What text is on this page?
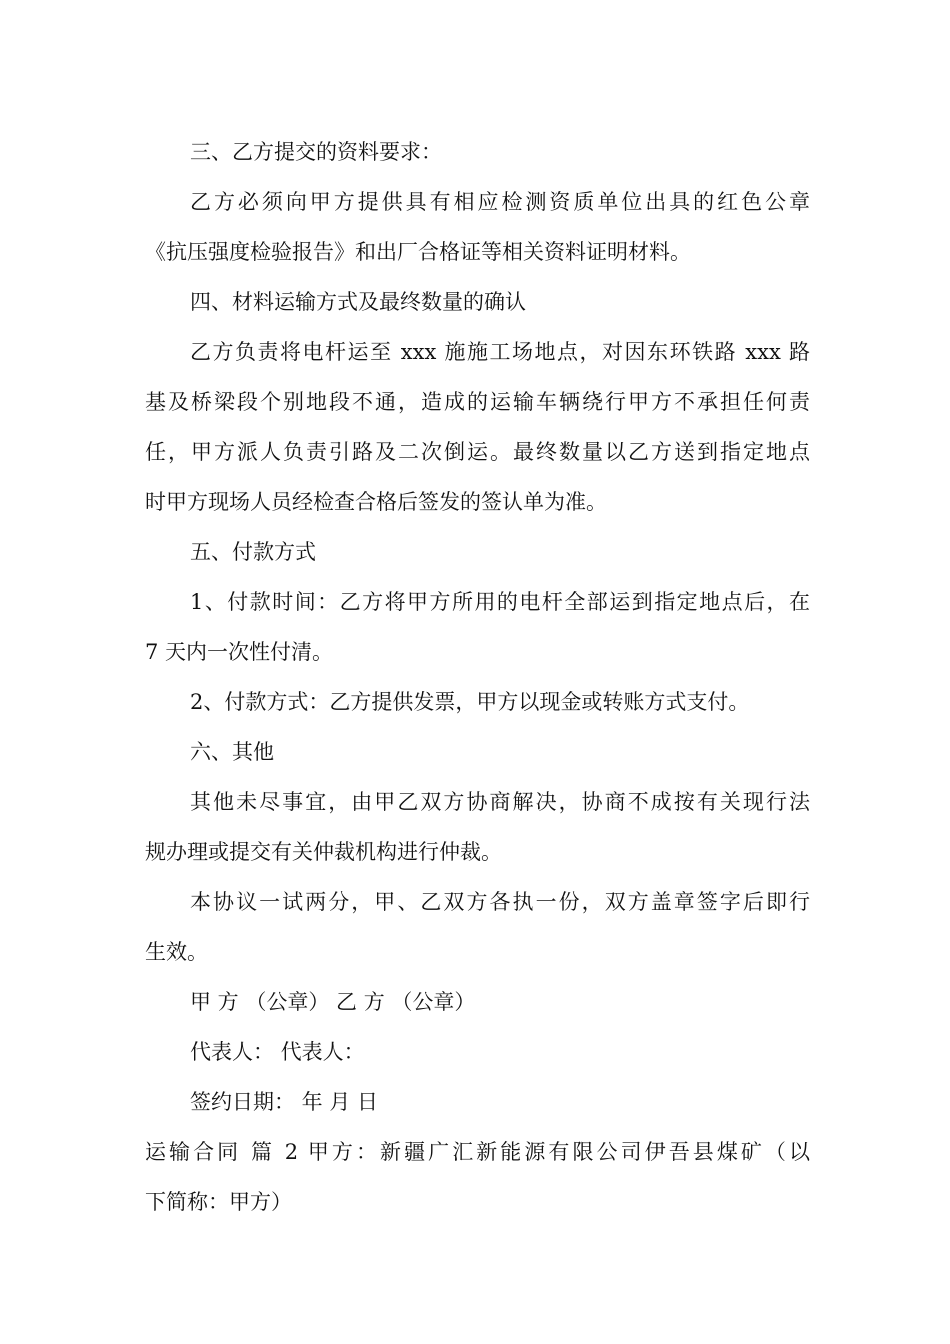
三、乙方提交的资料要求：
乙方必须向甲方提供具有相应检测资质单位出具的红色公章
《抗压强度检验报告》和出厂合格证等相关资料证明材料。
四、材料运输方式及最终数量的确认
乙方负责将电杆运至 xxx 施施工场地点，对因东环铁路 xxx 路
基及桥梁段个别地段不通，造成的运输车辆绕行甲方不承担任何责
任，甲方派人负责引路及二次倒运。最终数量以乙方送到指定地点
时甲方现场人员经检查合格后签发的签认单为准。
五、付款方式
1、付款时间：乙方将甲方所用的电杆全部运到指定地点后，在
7 天内一次性付清。
2、付款方式：乙方提供发票，甲方以现金或转账方式支付。
六、其他
其他未尽事宜，由甲乙双方协商解决，协商不成按有关现行法
规办理或提交有关仲裁机构进行仲裁。
本协议一试两分，甲、乙双方各执一份，双方盖章签字后即行
生效。
甲 方 （公章） 乙 方 （公章）
代表人： 代表人：
签约日期： 年 月 日
运输合同 篇 2 甲方：新疆广汇新能源有限公司伊吾县煤矿（以
下简称：甲方）
